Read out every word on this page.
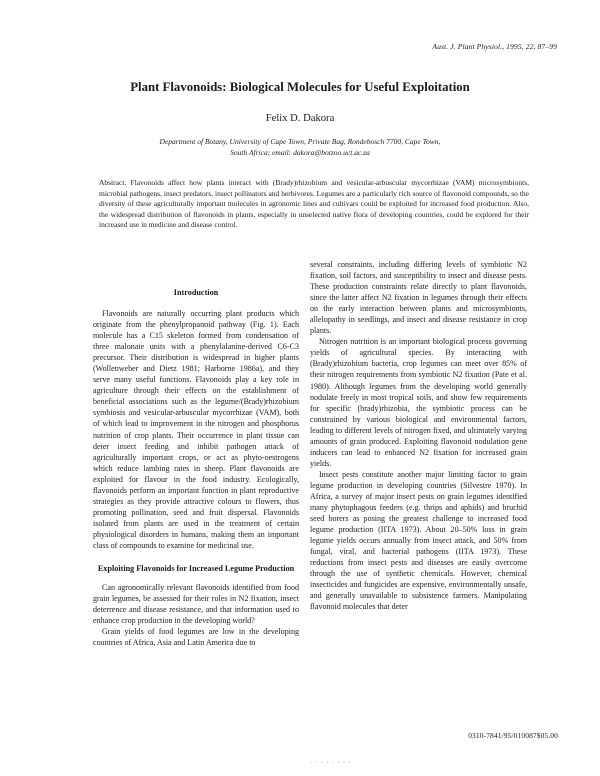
Aust. J. Plant Physiol., 1995, 22, 87–99
Plant Flavonoids: Biological Molecules for Useful Exploitation
Felix D. Dakora
Department of Botany, University of Cape Town, Private Bag, Rondebosch 7700, Cape Town,
South Africa; email: dakora@botzoo.uct.ac.za
Abstract. Flavonoids affect how plants interact with (Brady)rhizobium and vesicular-arbuscular mycorrhizae (VAM) microsymbionts, microbial pathogens, insect predators, insect pollinators and herbivores. Legumes are a particularly rich source of flavonoid compounds, so the diversity of these agriculturally important molecules in agronomic lines and cultivars could be exploited for increased food production. Also, the widespread distribution of flavonoids in plants, especially in unselected native flora of developing countries, could be explored for their increased use in medicine and disease control.
Introduction

Flavonoids are naturally occurring plant products which originate from the phenylpropanoid pathway (Fig. 1). Each molecule has a C15 skeleton formed from condensation of three malonate units with a phenylalanine-derived C6-C3 precursor. Their distribution is widespread in higher plants (Wollenweber and Dietz 1981; Harborne 1986a), and they serve many useful functions. Flavonoids play a key role in agriculture through their effects on the establishment of beneficial associations such as the legume/(Brady)rhizobium symbiosis and vesicular-arbuscular mycorrhizae (VAM), both of which lead to improvement in the nitrogen and phosphorus nutrition of crop plants. Their occurrence in plant tissue can deter insect feeding and inhibit pathogen attack of agriculturally important crops, or act as phyto-oestrogens which reduce lambing rates in sheep. Plant flavonoids are exploited for flavour in the food industry. Ecologically, flavonoids perform an important function in plant reproductive strategies as they provide attractive colours to flowers, thus promoting pollination, seed and fruit dispersal. Flavonoids isolated from plants are used in the treatment of certain physiological disorders in humans, making them an important class of compounds to examine for medicinal use.

Exploiting Flavonoids for Increased Legume Production

Can agronomically relevant flavonoids identified from food grain legumes, be assessed for their roles in N2 fixation, insect deterrence and disease resistance, and that information used to enhance crop production in the developing world?

Grain yields of food legumes are low in the developing countries of Africa, Asia and Latin America due to

several constraints, including differing levels of symbiotic N2 fixation, soil factors, and susceptibility to insect and disease pests. These production constraints relate directly to plant flavonoids, since the latter affect N2 fixation in legumes through their effects on the early interaction between plants and microsymbionts, allelopathy in seedlings, and insect and disease resistance in crop plants.

Nitrogen nutrition is an important biological process governing yields of agricultural species. By interacting with (Brady)rhizobium bacteria, crop legumes can meet over 85% of their nitrogen requirements from symbiotic N2 fixation (Pate et al. 1980). Although legumes from the developing world generally nodulate freely in most tropical soils, and show few requirements for specific (brady)rhizobia, the symbiotic process can be constrained by various biological and environmental factors, leading to different levels of nitrogen fixed, and ultimately varying amounts of grain produced. Exploiting flavonoid nodulation gene inducers can lead to enhanced N2 fixation for increased grain yields.

Insect pests constitute another major limiting factor to grain legume production in developing countries (Silvestre 1970). In Africa, a survey of major insect pests on grain legumes identified many phytophagous feeders (e.g. thrips and aphids) and bruchid seed borers as posing the greatest challenge to increased food legume production (IITA 1973). About 20–50% loss in grain legume yields occurs annually from insect attack, and 50% from fungal, viral, and bacterial pathogens (IITA 1973). These reductions from insect pests and diseases are easily overcome through the use of synthetic chemicals. However, chemical insecticides and fungicides are expensive, environmentally unsafe, and generally unavailable to subsistence farmers. Manipulating flavonoid molecules that deter

0310-7841/95/010087$05.00
· · · · · · · ·
